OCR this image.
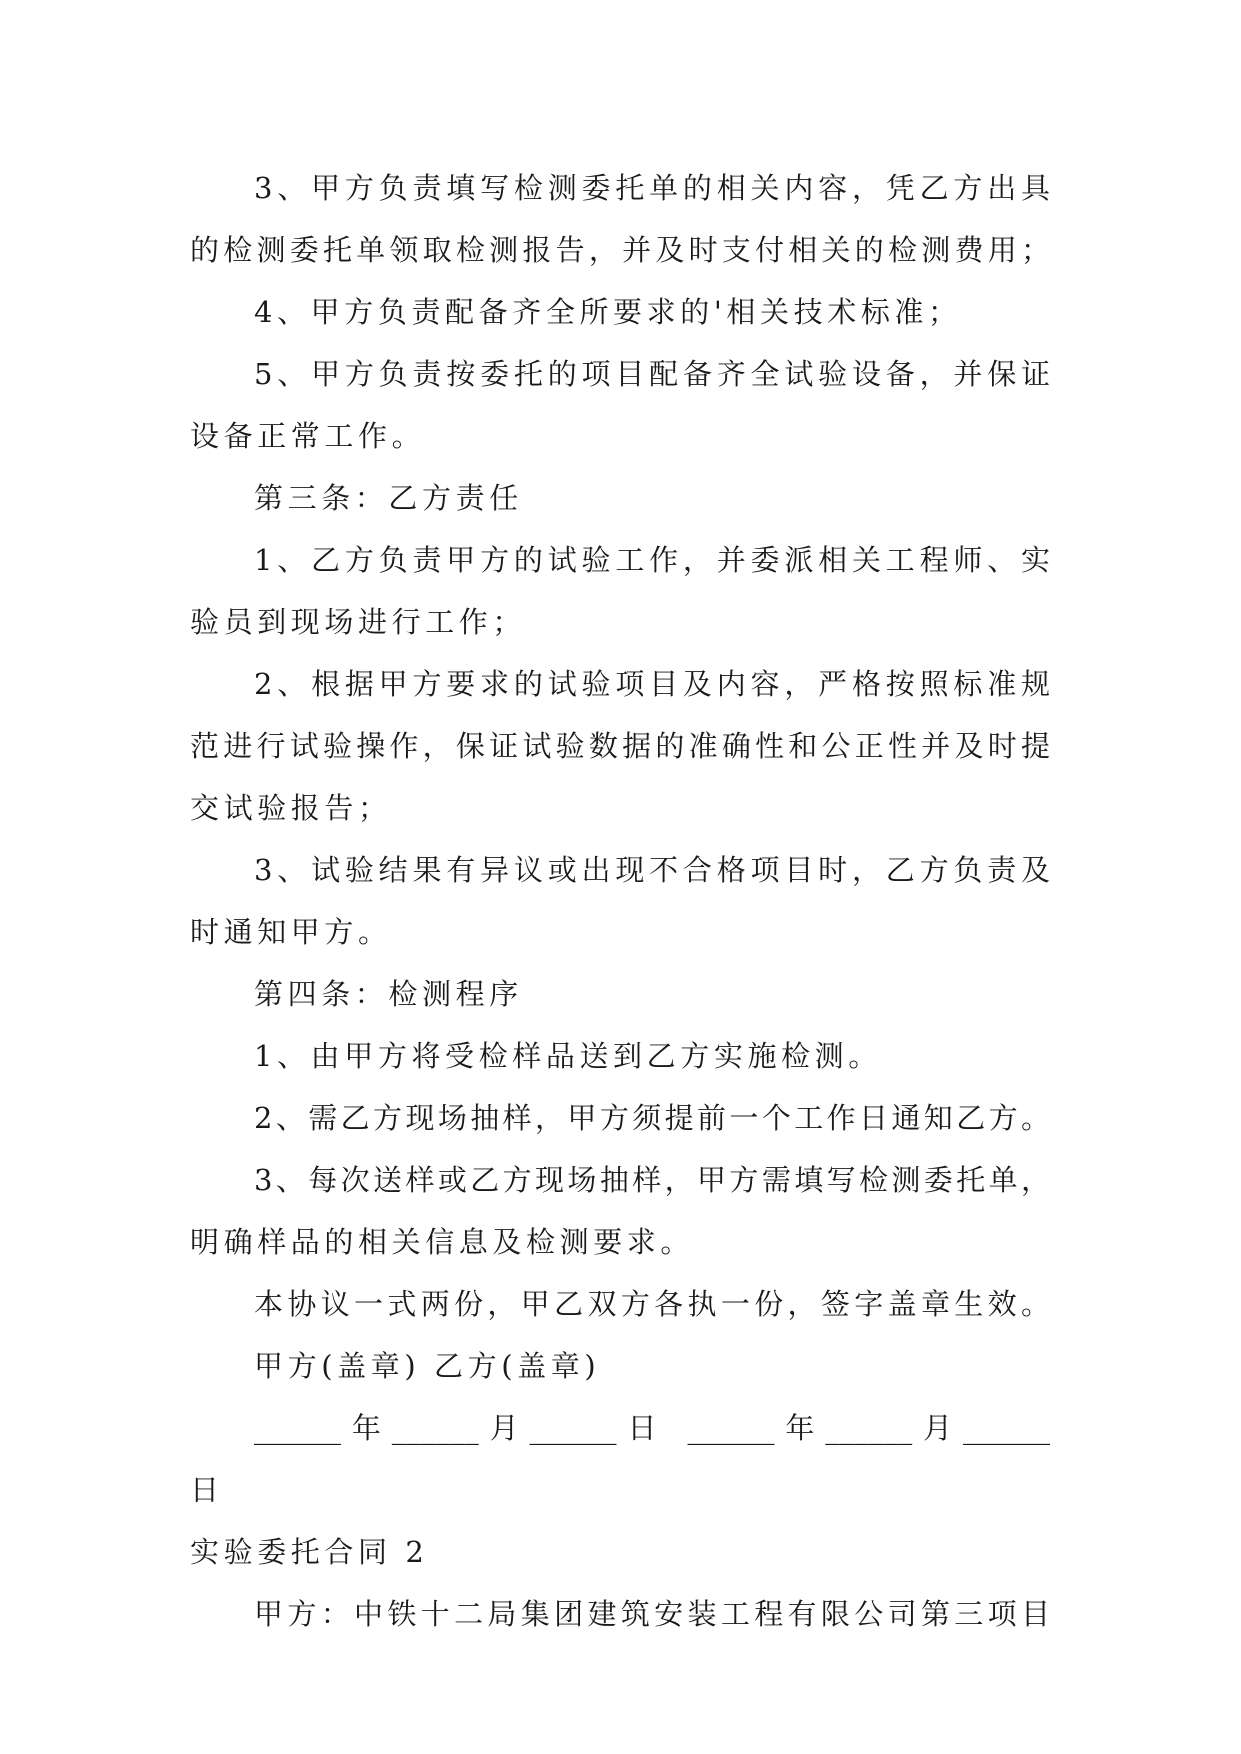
3、甲方负责填写检测委托单的相关内容，凭乙方出具

的检测委托单领取检测报告，并及时支付相关的检测费用；

4、甲方负责配备齐全所要求的'相关技术标准；

5、甲方负责按委托的项目配备齐全试验设备，并保证

设备正常工作。

第三条：乙方责任

1、乙方负责甲方的试验工作，并委派相关工程师、实

验员到现场进行工作；

2、根据甲方要求的试验项目及内容，严格按照标准规

范进行试验操作，保证试验数据的准确性和公正性并及时提

交试验报告；

3、试验结果有异议或出现不合格项目时，乙方负责及

时通知甲方。

第四条：检测程序

1、由甲方将受检样品送到乙方实施检测。

2、需乙方现场抽样，甲方须提前一个工作日通知乙方。

3、每次送样或乙方现场抽样，甲方需填写检测委托单，

明确样品的相关信息及检测要求。

本协议一式两份，甲乙双方各执一份，签字盖章生效。

甲方(盖章) 乙方(盖章)

______年______月______日 ______年______月______

日

实验委托合同 2

甲方：中铁十二局集团建筑安装工程有限公司第三项目
